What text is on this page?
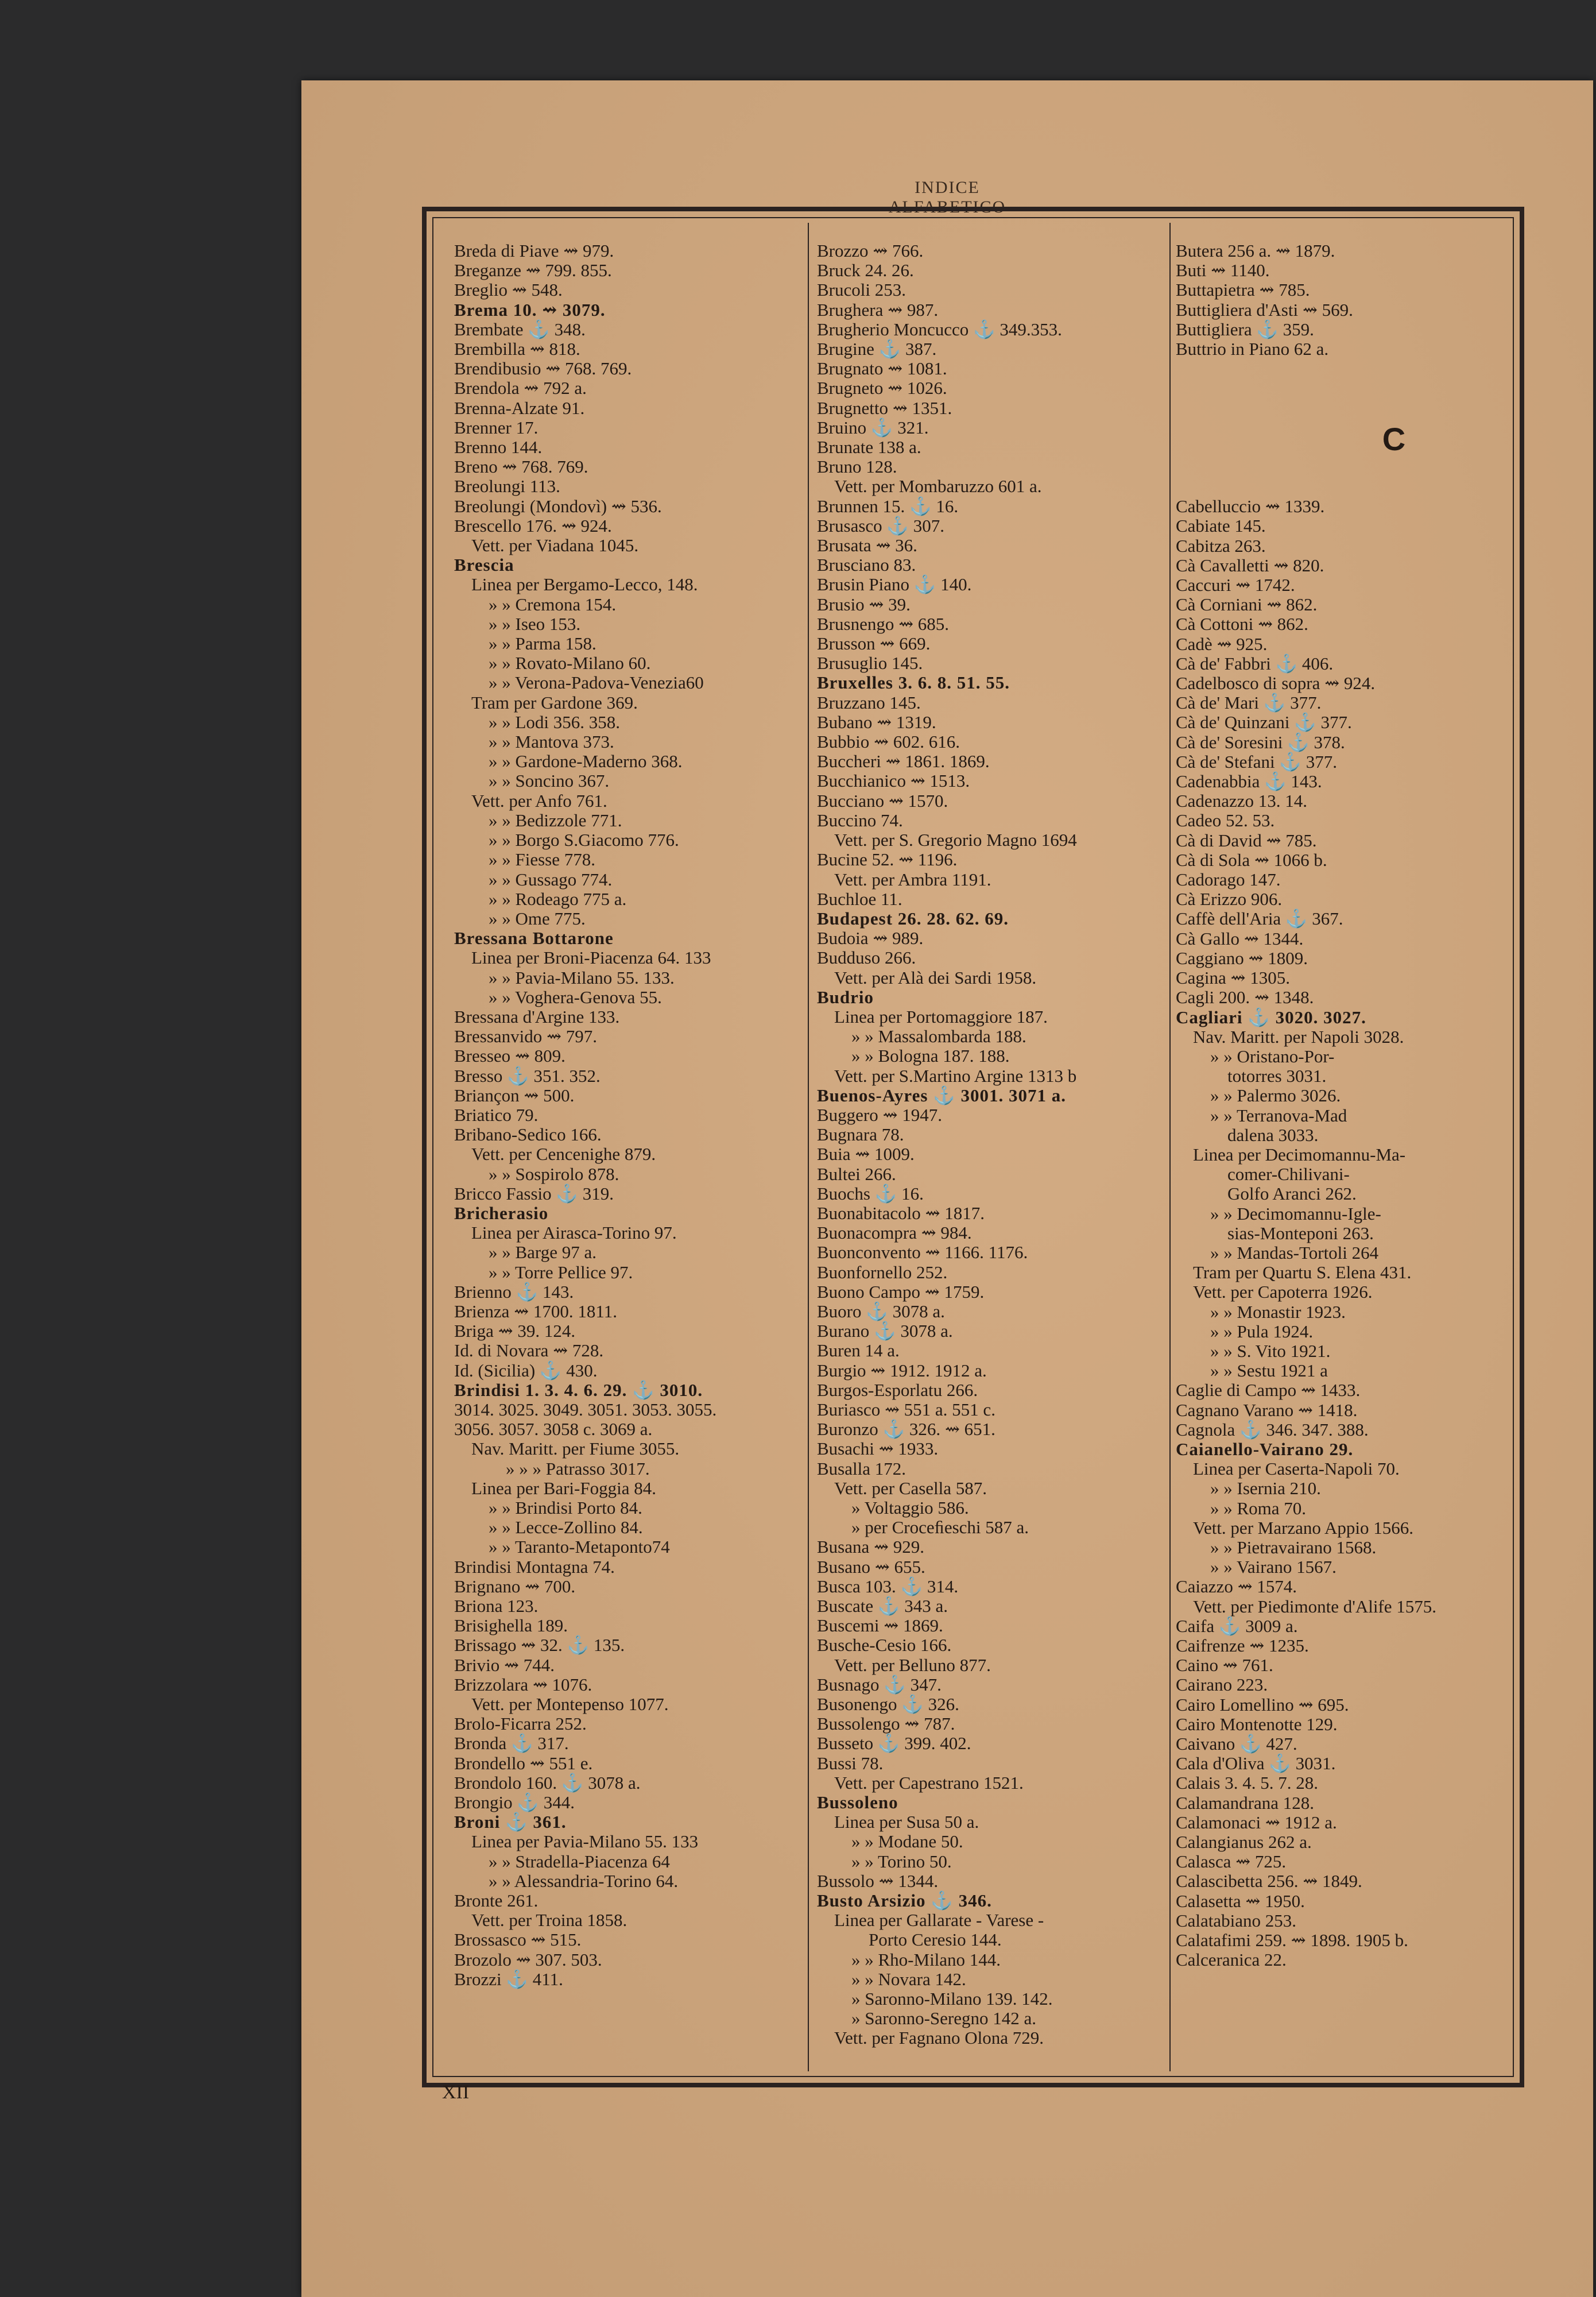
INDICE ALFABETICO
Breda di Piave ⇝ 979.
Breganze ⇝ 799. 855.
Breglio ⇝ 548.
Brema 10. ⇝ 3079.
Brembate ⚓ 348.
Brembilla ⇝ 818.
Brendibusio ⇝ 768. 769.
Brendola ⇝ 792 a.
Brenna-Alzate 91.
Brenner 17.
Brenno 144.
Breno ⇝ 768. 769.
Breolungi 113.
Breolungi (Mondovì) ⇝ 536.
Brescello 176. ⇝ 924.
Vett. per Viadana 1045.
Brescia
Linea per Bergamo-Lecco, 148.
» » Cremona 154.
» » Iseo 153.
» » Parma 158.
» » Rovato-Milano 60.
» » Verona-Padova-Venezia60
Tram per Gardone 369.
» » Lodi 356. 358.
» » Mantova 373.
» » Gardone-Maderno 368.
» » Soncino 367.
Vett. per Anfo 761.
» » Bedizzole 771.
» » Borgo S.Giacomo 776.
» » Fiesse 778.
» » Gussago 774.
» » Rodeago 775 a.
» » Ome 775.
Bressana Bottarone
Linea per Broni-Piacenza 64. 133
» » Pavia-Milano 55. 133.
» » Voghera-Genova 55.
Bressana d'Argine 133.
Bressanvido ⇝ 797.
Bresseo ⇝ 809.
Bresso ⚓ 351. 352.
Briançon ⇝ 500.
Briatico 79.
Bribano-Sedico 166.
Vett. per Cencenighe 879.
» » Sospirolo 878.
Bricco Fassio ⚓ 319.
Bricherasio
Linea per Airasca-Torino 97.
» » Barge 97 a.
» » Torre Pellice 97.
Brienno ⚓ 143.
Brienza ⇝ 1700. 1811.
Briga ⇝ 39. 124.
Id. di Novara ⇝ 728.
Id. (Sicilia) ⚓ 430.
Brindisi 1. 3. 4. 6. 29. ⚓ 3010.
3014. 3025. 3049. 3051. 3053. 3055.
3056. 3057. 3058 c. 3069 a.
Nav. Maritt. per Fiume 3055.
» » » Patrasso 3017.
Linea per Bari-Foggia 84.
» » Brindisi Porto 84.
» » Lecce-Zollino 84.
» » Taranto-Metaponto74
Brindisi Montagna 74.
Brignano ⇝ 700.
Briona 123.
Brisighella 189.
Brissago ⇝ 32. ⚓ 135.
Brivio ⇝ 744.
Brizzolara ⇝ 1076.
Vett. per Montepenso 1077.
Brolo-Ficarra 252.
Bronda ⚓ 317.
Brondello ⇝ 551 e.
Brondolo 160. ⚓ 3078 a.
Brongio ⚓ 344.
Broni ⚓ 361.
Linea per Pavia-Milano 55. 133
» » Stradella-Piacenza 64
» » Alessandria-Torino 64.
Bronte 261.
Vett. per Troina 1858.
Brossasco ⇝ 515.
Brozolo ⇝ 307. 503.
Brozzi ⚓ 411.
Brozzo ⇝ 766.
Bruck 24. 26.
Brucoli 253.
Brughera ⇝ 987.
Brugherio Moncucco ⚓ 349.353.
Brugine ⚓ 387.
Brugnato ⇝ 1081.
Brugneto ⇝ 1026.
Brugnetto ⇝ 1351.
Bruino ⚓ 321.
Brunate 138 a.
Bruno 128.
Vett. per Mombaruzzo 601 a.
Brunnen 15. ⚓ 16.
Brusasco ⚓ 307.
Brusata ⇝ 36.
Brusciano 83.
Brusin Piano ⚓ 140.
Brusio ⇝ 39.
Brusnengo ⇝ 685.
Brusson ⇝ 669.
Brusuglio 145.
Bruxelles 3. 6. 8. 51. 55.
Bruzzano 145.
Bubano ⇝ 1319.
Bubbio ⇝ 602. 616.
Buccheri ⇝ 1861. 1869.
Bucchianico ⇝ 1513.
Bucciano ⇝ 1570.
Buccino 74.
Vett. per S. Gregorio Magno 1694
Bucine 52. ⇝ 1196.
Vett. per Ambra 1191.
Buchloe 11.
Budapest 26. 28. 62. 69.
Budoia ⇝ 989.
Budduso 266.
Vett. per Alà dei Sardi 1958.
Budrio
Linea per Portomaggiore 187.
» » Massalombarda 188.
» » Bologna 187. 188.
Vett. per S.Martino Argine 1313 b
Buenos-Ayres ⚓ 3001. 3071 a.
Buggero ⇝ 1947.
Bugnara 78.
Buia ⇝ 1009.
Bultei 266.
Buochs ⚓ 16.
Buonabitacolo ⇝ 1817.
Buonacompra ⇝ 984.
Buonconvento ⇝ 1166. 1176.
Buonfornello 252.
Buono Campo ⇝ 1759.
Buoro ⚓ 3078 a.
Burano ⚓ 3078 a.
Buren 14 a.
Burgio ⇝ 1912. 1912 a.
Burgos-Esporlatu 266.
Buriasco ⇝ 551 a. 551 c.
Buronzo ⚓ 326. ⇝ 651.
Busachi ⇝ 1933.
Busalla 172.
Vett. per Casella 587.
» Voltaggio 586.
» per Croceﬁeschi 587 a.
Busana ⇝ 929.
Busano ⇝ 655.
Busca 103. ⚓ 314.
Buscate ⚓ 343 a.
Buscemi ⇝ 1869.
Busche-Cesio 166.
Vett. per Belluno 877.
Busnago ⚓ 347.
Busonengo ⚓ 326.
Bussolengo ⇝ 787.
Busseto ⚓ 399. 402.
Bussi 78.
Vett. per Capestrano 1521.
Bussoleno
Linea per Susa 50 a.
» » Modane 50.
» » Torino 50.
Bussolo ⇝ 1344.
Busto Arsizio ⚓ 346.
Linea per Gallarate - Varese -
Porto Ceresio 144.
» » Rho-Milano 144.
» » Novara 142.
» Saronno-Milano 139. 142.
» Saronno-Seregno 142 a.
Vett. per Fagnano Olona 729.
Butera 256 a. ⇝ 1879.
Buti ⇝ 1140.
Buttapietra ⇝ 785.
Buttigliera d'Asti ⇝ 569.
Buttigliera ⚓ 359.
Buttrio in Piano 62 a.
C
Cabelluccio ⇝ 1339.
Cabiate 145.
Cabitza 263.
Cà Cavalletti ⇝ 820.
Caccuri ⇝ 1742.
Cà Corniani ⇝ 862.
Cà Cottoni ⇝ 862.
Cadè ⇝ 925.
Cà de' Fabbri ⚓ 406.
Cadelbosco di sopra ⇝ 924.
Cà de' Mari ⚓ 377.
Cà de' Quinzani ⚓ 377.
Cà de' Soresini ⚓ 378.
Cà de' Stefani ⚓ 377.
Cadenabbia ⚓ 143.
Cadenazzo 13. 14.
Cadeo 52. 53.
Cà di David ⇝ 785.
Cà di Sola ⇝ 1066 b.
Cadorago 147.
Cà Erizzo 906.
Caffè dell'Aria ⚓ 367.
Cà Gallo ⇝ 1344.
Caggiano ⇝ 1809.
Cagina ⇝ 1305.
Cagli 200. ⇝ 1348.
Cagliari ⚓ 3020. 3027.
Nav. Maritt. per Napoli 3028.
» » Oristano-Por-
totorres 3031.
» » Palermo 3026.
» » Terranova-Mad
dalena 3033.
Linea per Decimomannu-Ma-
comer-Chilivani-
Golfo Aranci 262.
» » Decimomannu-Igle-
sias-Monteponi 263.
» » Mandas-Tortoli 264
Tram per Quartu S. Elena 431.
Vett. per Capoterra 1926.
» » Monastir 1923.
» » Pula 1924.
» » S. Vito 1921.
» » Sestu 1921 a
Caglie di Campo ⇝ 1433.
Cagnano Varano ⇝ 1418.
Cagnola ⚓ 346. 347. 388.
Caianello-Vairano 29.
Linea per Caserta-Napoli 70.
» » Isernia 210.
» » Roma 70.
Vett. per Marzano Appio 1566.
» » Pietravairano 1568.
» » Vairano 1567.
Caiazzo ⇝ 1574.
Vett. per Piedimonte d'Alife 1575.
Caifa ⚓ 3009 a.
Caifrenze ⇝ 1235.
Caino ⇝ 761.
Cairano 223.
Cairo Lomellino ⇝ 695.
Cairo Montenotte 129.
Caivano ⚓ 427.
Cala d'Oliva ⚓ 3031.
Calais 3. 4. 5. 7. 28.
Calamandrana 128.
Calamonaci ⇝ 1912 a.
Calangianus 262 a.
Calasca ⇝ 725.
Calascibetta 256. ⇝ 1849.
Calasetta ⇝ 1950.
Calatabiano 253.
Calatafimi 259. ⇝ 1898. 1905 b.
Calceranica 22.
XII
